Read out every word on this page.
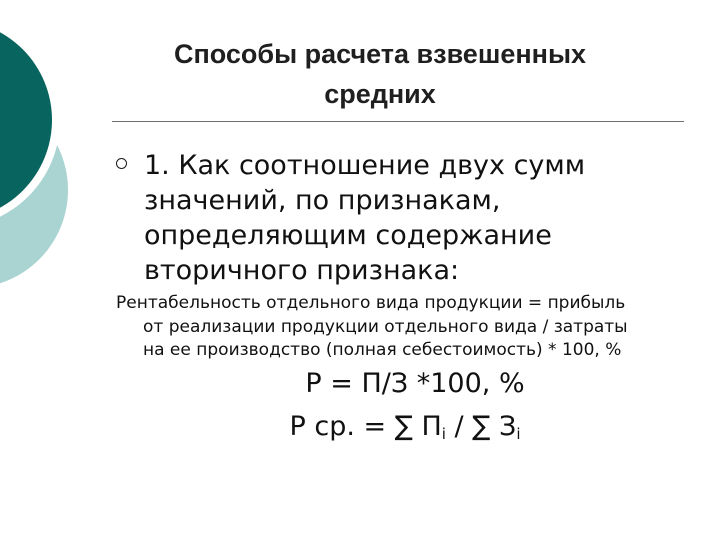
Способы расчета взвешенных
средних
1. Как соотношение двух сумм
значений, по признакам,
определяющим содержание
вторичного признака:
Рентабельность отдельного вида продукции = прибыль
от реализации продукции отдельного вида / затраты
на ее производство (полная себестоимость) * 100, %
Р = П/З *100, %
Р ср. = ∑ $П_i$ / ∑ $З_i$
